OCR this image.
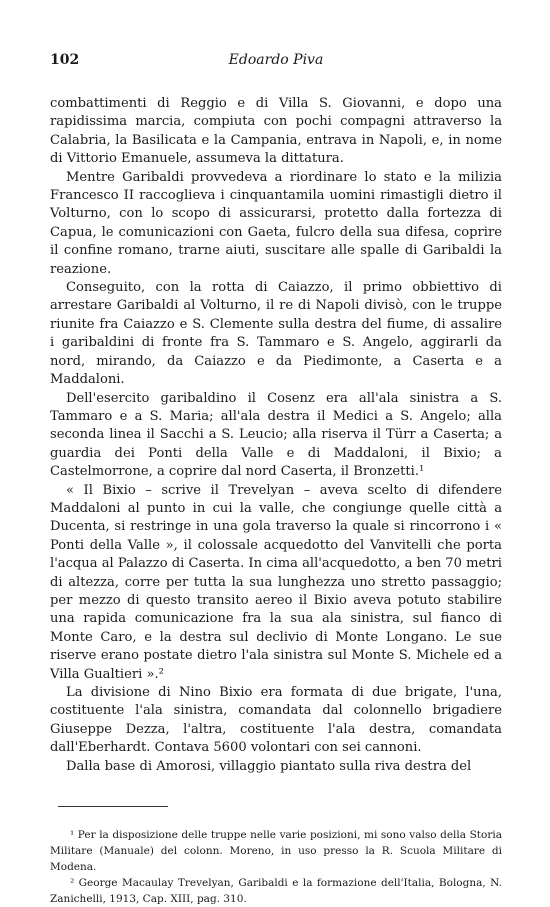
102	Edoardo Piva

combattimenti di Reggio e di Villa S. Giovanni, e dopo una rapidissima marcia, compiuta con pochi compagni attraverso la Calabria, la Basilicata e la Campania, entrava in Napoli, e, in nome di Vittorio Emanuele, assumeva la dittatura.

Mentre Garibaldi provvedeva a riordinare lo stato e la milizia Francesco II raccoglieva i cinquantamila uomini rimastigli dietro il Volturno, con lo scopo di assicurarsi, protetto dalla fortezza di Capua, le comunicazioni con Gaeta, fulcro della sua difesa, coprire il confine romano, trarne aiuti, suscitare alle spalle di Garibaldi la reazione.

Conseguito, con la rotta di Caiazzo, il primo obbiettivo di arrestare Garibaldi al Volturno, il re di Napoli divisò, con le truppe riunite fra Caiazzo e S. Clemente sulla destra del fiume, di assalire i garibaldini di fronte fra S. Tammaro e S. Angelo, aggirarli da nord, mirando, da Caiazzo e da Piedimonte, a Caserta e a Maddaloni.

Dell'esercito garibaldino il Cosenz era all'ala sinistra a S. Tammaro e a S. Maria; all'ala destra il Medici a S. Angelo; alla seconda linea il Sacchi a S. Leucio; alla riserva il Türr a Caserta; a guardia dei Ponti della Valle e di Maddaloni, il Bixio; a Castelmorrone, a coprire dal nord Caserta, il Bronzetti.¹

« Il Bixio – scrive il Trevelyan – aveva scelto di difendere Maddaloni al punto in cui la valle, che congiunge quelle città a Ducenta, si restringe in una gola traverso la quale si rincorrono i « Ponti della Valle », il colossale acquedotto del Vanvitelli che porta l'acqua al Palazzo di Caserta. In cima all'acquedotto, a ben 70 metri di altezza, corre per tutta la sua lunghezza uno stretto passaggio; per mezzo di questo transito aereo il Bixio aveva potuto stabilire una rapida comunicazione fra la sua ala sinistra, sul fianco di Monte Caro, e la destra sul declivio di Monte Longano. Le sue riserve erano postate dietro l'ala sinistra sul Monte S. Michele ed a Villa Gualtieri ».²

La divisione di Nino Bixio era formata di due brigate, l'una, costituente l'ala sinistra, comandata dal colonnello brigadiere Giuseppe Dezza, l'altra, costituente l'ala destra, comandata dall'Eberhardt. Contava 5600 volontari con sei cannoni.

Dalla base di Amorosi, villaggio piantato sulla riva destra del

¹ Per la disposizione delle truppe nelle varie posizioni, mi sono valso della Storia Militare (Manuale) del colonn. Moreno, in uso presso la R. Scuola Militare di Modena.

² George Macaulay Trevelyan, Garibaldi e la formazione dell'Italia, Bologna, N. Zanichelli, 1913, Cap. XIII, pag. 310.
